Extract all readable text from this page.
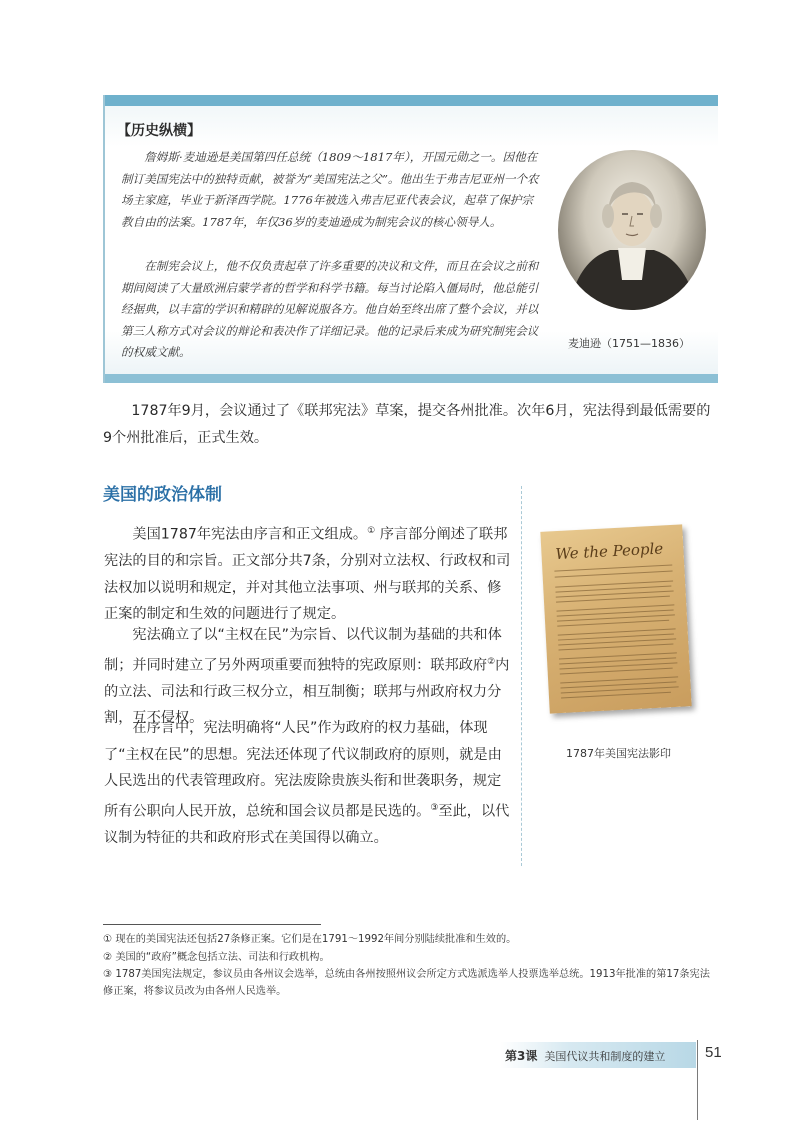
【历史纵横】

詹姆斯·麦迪逊是美国第四任总统（1809～1817年），开国元勋之一。因他在制订美国宪法中的独特贡献，被誉为“美国宪法之父”。他出生于弗吉尼亚州一个农场主家庭，毕业于新泽西学院。1776年被选入弗吉尼亚代表会议，起草了保护宗教自由的法案。1787年，年仅36岁的麦迪逊成为制宪会议的核心领导人。

在制宪会议上，他不仅负责起草了许多重要的决议和文件，而且在会议之前和期间阅读了大量欧洲启蒙学者的哲学和科学书籍。每当讨论陷入僵局时，他总能引经据典，以丰富的学识和精辟的见解说服各方。他自始至终出席了整个会议，并以第三人称方式对会议的辩论和表决作了详细记录。他的记录后来成为研究制宪会议的权威文献。

麦迪逊（1751—1836）

1787年9月，会议通过了《联邦宪法》草案，提交各州批准。次年6月，宪法得到最低需要的9个州批准后，正式生效。

美国的政治体制

美国1787年宪法由序言和正文组成。① 序言部分阐述了联邦宪法的目的和宗旨。正文部分共7条，分别对立法权、行政权和司法权加以说明和规定，并对其他立法事项、州与联邦的关系、修正案的制定和生效的问题进行了规定。

宪法确立了以“主权在民”为宗旨、以代议制为基础的共和体制；并同时建立了另外两项重要而独特的宪政原则：联邦政府②内的立法、司法和行政三权分立，相互制衡；联邦与州政府权力分割，互不侵权。

在序言中，宪法明确将“人民”作为政府的权力基础，体现了“主权在民”的思想。宪法还体现了代议制政府的原则，就是由人民选出的代表管理政府。宪法废除贵族头衔和世袭职务，规定所有公职向人民开放，总统和国会议员都是民选的。③至此，以代议制为特征的共和政府形式在美国得以确立。

We the People
1787年美国宪法影印

① 现在的美国宪法还包括27条修正案。它们是在1791～1992年间分别陆续批准和生效的。

② 美国的“政府”概念包括立法、司法和行政机构。

③ 1787美国宪法规定，参议员由各州议会选举，总统由各州按照州议会所定方式选派选举人投票选举总统。1913年批准的第17条宪法修正案，将参议员改为由各州人民选举。

第3课 美国代议共和制度的建立	51
